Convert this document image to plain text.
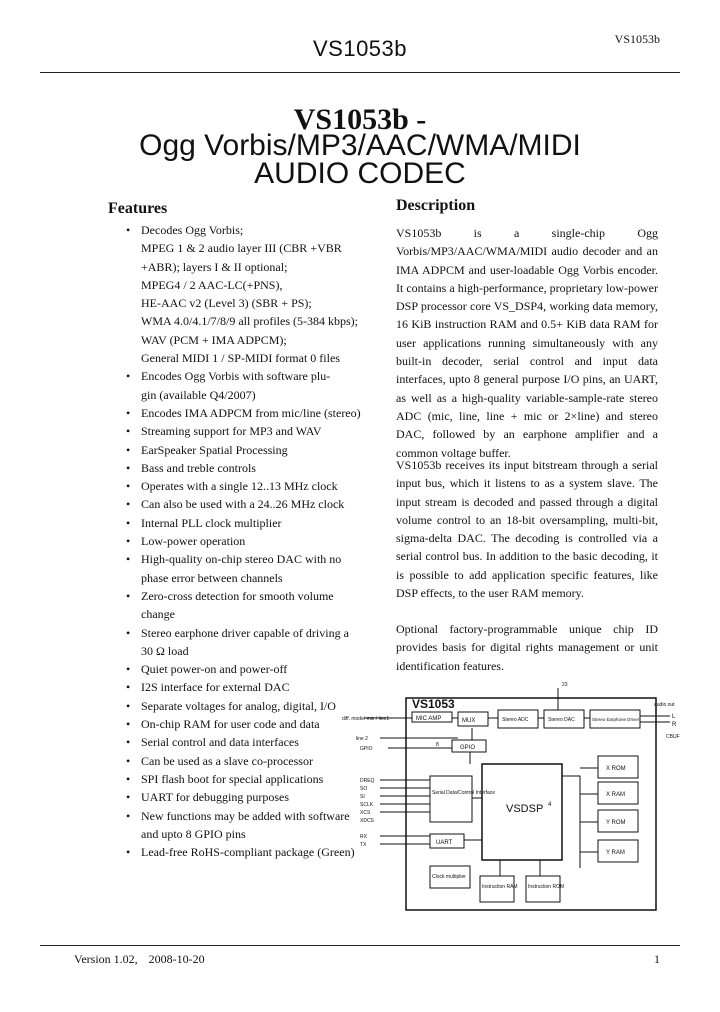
VS1053b	VS1053b
VS1053b -
Ogg Vorbis/MP3/AAC/WMA/MIDI
AUDIO CODEC
Features
• Decodes Ogg Vorbis;
MPEG 1 & 2 audio layer III (CBR +VBR
+ABR); layers I & II optional;
MPEG4 / 2 AAC-LC(+PNS),
HE-AAC v2 (Level 3) (SBR + PS);
WMA 4.0/4.1/7/8/9 all profiles (5-384 kbps);
WAV (PCM + IMA ADPCM);
General MIDI 1 / SP-MIDI format 0 files
• Encodes Ogg Vorbis with software plu-
gin (available Q4/2007)
• Encodes IMA ADPCM from mic/line (stereo)
• Streaming support for MP3 and WAV
• EarSpeaker Spatial Processing
• Bass and treble controls
• Operates with a single 12..13 MHz clock
• Can also be used with a 24..26 MHz clock
• Internal PLL clock multiplier
• Low-power operation
• High-quality on-chip stereo DAC with no
phase error between channels
• Zero-cross detection for smooth volume
change
• Stereo earphone driver capable of driving a
30 Ω load
• Quiet power-on and power-off
• I2S interface for external DAC
• Separate voltages for analog, digital, I/O
• On-chip RAM for user code and data
• Serial control and data interfaces
• Can be used as a slave co-processor
• SPI flash boot for special applications
• UART for debugging purposes
• New functions may be added with software
and upto 8 GPIO pins
• Lead-free RoHS-compliant package (Green)
Description
VS1053b is a single-chip Ogg Vorbis/MP3/AAC/WMA/MIDI audio decoder and an IMA ADPCM and user-loadable Ogg Vorbis encoder. It contains a high-performance, proprietary low-power DSP processor core VS_DSP4, working data memory, 16 KiB instruction RAM and 0.5+ KiB data RAM for user applications running simultaneously with any built-in decoder, serial control and input data interfaces, upto 8 general purpose I/O pins, an UART, as well as a high-quality variable-sample-rate stereo ADC (mic, line, line + mic or 2×line) and stereo DAC, followed by an earphone amplifier and a common voltage buffer.
VS1053b receives its input bitstream through a serial input bus, which it listens to as a system slave. The input stream is decoded and passed through a digital volume control to an 18-bit oversampling, multi-bit, sigma-delta DAC. The decoding is controlled via a serial control bus. In addition to the basic decoding, it is possible to add application specific features, like DSP effects, to the user RAM memory.
Optional factory-programmable unique chip ID provides basis for digital rights management or unit identification features.
VS1053
MIC AMP	MUX	Stereo ADC	Stereo DAC	Stereo Earphone Driver
GPIO
VSDSP 4
Serial Data/Control Interface
UART
Clock multiplier
Instruction RAM Instruction ROM
X ROM
X RAM
Y ROM
Y RAM
diff. mode/ mic / line1
line 2
GPIO
8
DREQ
SO
SI
SCLK
XCS
XDCS
RX
TX
23
audio out
L
R
CBUF
Version 1.02, 2008-10-20	1
